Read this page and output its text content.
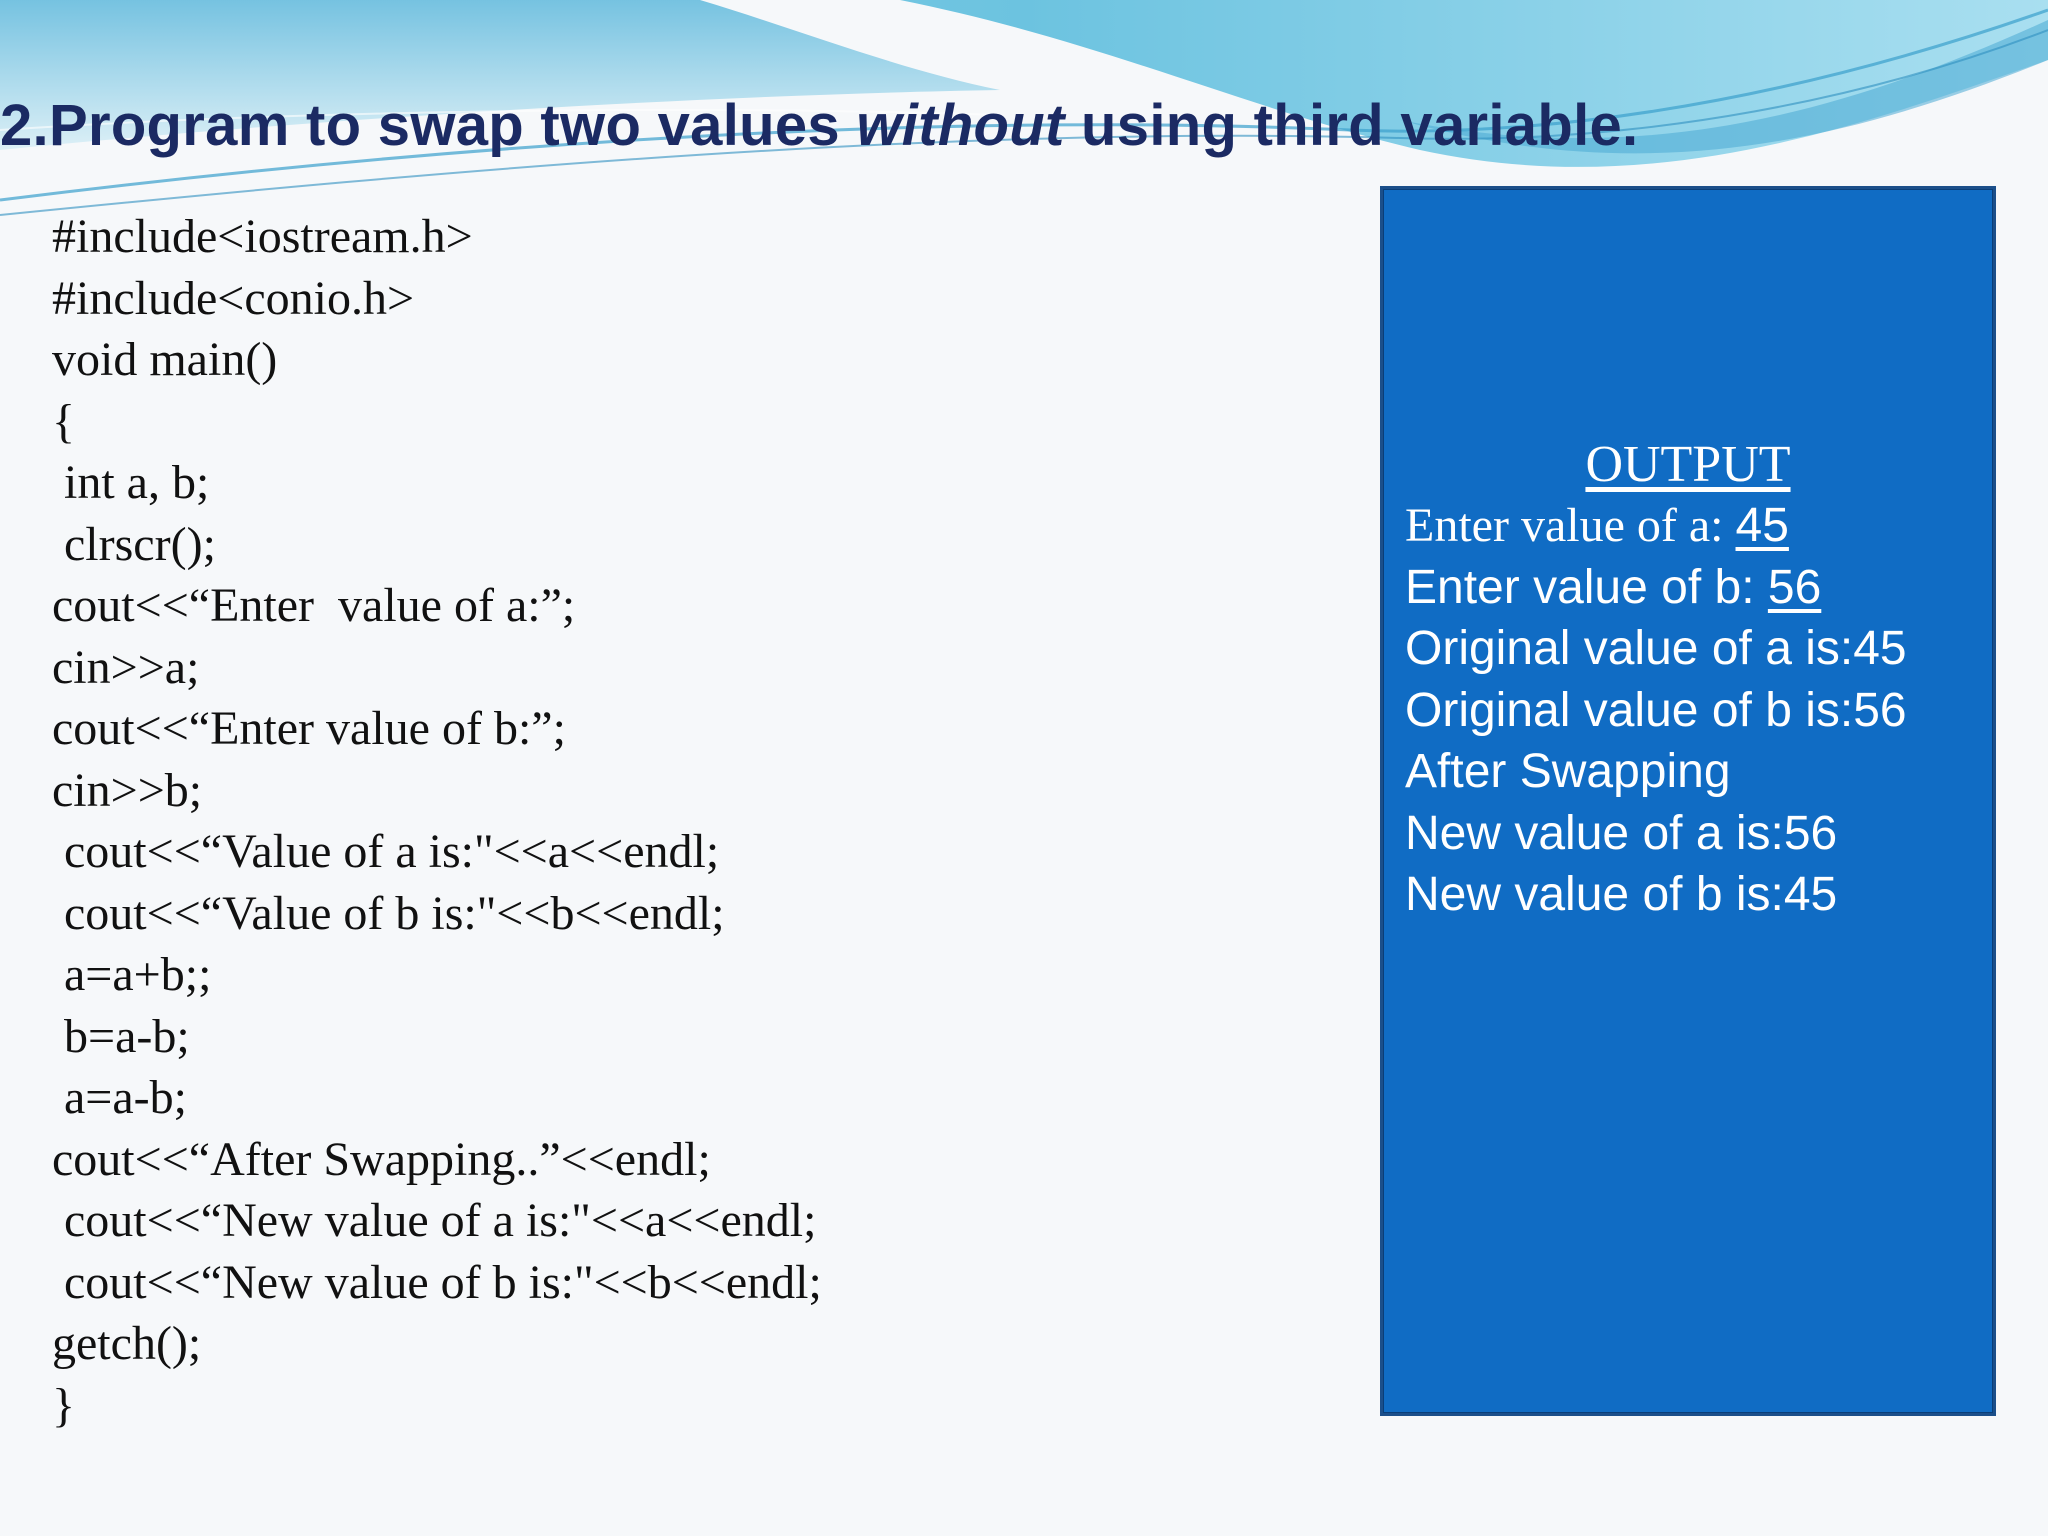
2.Program to swap two values without using third variable.
#include<iostream.h>
#include<conio.h>
void main()
{
int a, b;
clrscr();
cout<<“Enter  value of a:”;
cin>>a;
cout<<“Enter value of b:”;
cin>>b;
cout<<“Value of a is:"<<a<<endl;
cout<<“Value of b is:"<<b<<endl;
a=a+b;;
b=a-b;
a=a-b;
cout<<“After Swapping..”<<endl;
cout<<“New value of a is:"<<a<<endl;
cout<<“New value of b is:"<<b<<endl;
getch();
}
OUTPUT
Enter value of a: 45
Enter value of b: 56
Original value of a is:45
Original value of b is:56
After Swapping
New value of a is:56
New value of b is:45
